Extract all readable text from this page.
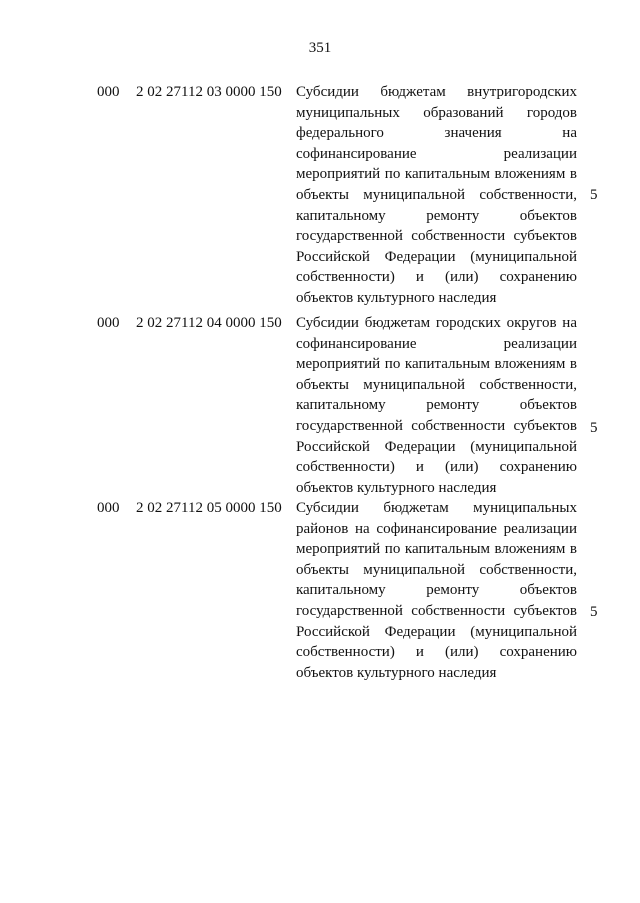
351
000 2 02 27112 03 0000 150 Субсидии бюджетам внутригородских муниципальных образований городов федерального значения на софинансирование реализации мероприятий по капитальным вложениям в объекты муниципальной собственности, капитальному ремонту объектов государственной собственности субъектов Российской Федерации (муниципальной собственности) и (или) сохранению объектов культурного наследия
5
000 2 02 27112 04 0000 150 Субсидии бюджетам городских округов на софинансирование реализации мероприятий по капитальным вложениям в объекты муниципальной собственности, капитальному ремонту объектов государственной собственности субъектов Российской Федерации (муниципальной собственности) и (или) сохранению объектов культурного наследия
5
000 2 02 27112 05 0000 150 Субсидии бюджетам муниципальных районов на софинансирование реализации мероприятий по капитальным вложениям в объекты муниципальной собственности, капитальному ремонту объектов государственной собственности субъектов Российской Федерации (муниципальной собственности) и (или) сохранению объектов культурного наследия
5
